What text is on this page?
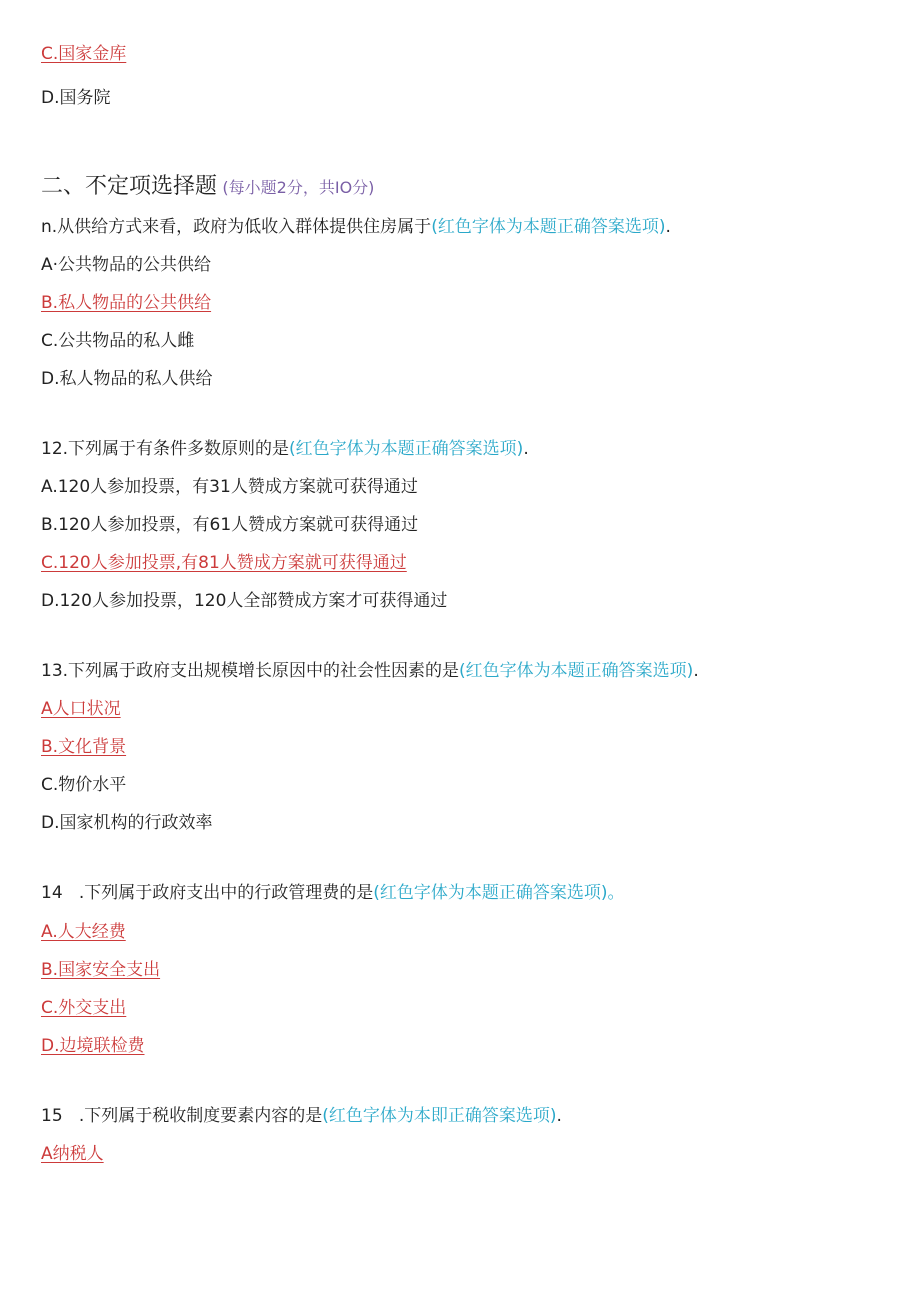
C.国家金库
D.国务院
二、不定项选择题 (每小题2分，共IO分)
n.从供给方式来看，政府为低收入群体提供住房属于(红色字体为本题正确答案选项).
A·公共物品的公共供给
B.私人物品的公共供给
C.公共物品的私人雌
D.私人物品的私人供给
12.下列属于有条件多数原则的是(红色字体为本题正确答案选项).
A.120人参加投票，有31人赞成方案就可获得通过
B.120人参加投票，有61人赞成方案就可获得通过
C.120人参加投票,有81人赞成方案就可获得通过
D.120人参加投票，120人全部赞成方案才可获得通过
13.下列属于政府支出规模增长原因中的社会性因素的是(红色字体为本题正确答案选项).
A人口状况
B.文化背景
C.物价水平
D.国家机构的行政效率
14   .下列属于政府支出中的行政管理费的是(红色字体为本题正确答案选项)。
A.人大经费
B.国家安全支出
C.外交支出
D.边境联检费
15   .下列属于税收制度要素内容的是(红色字体为本即正确答案选项).
A纳税人
